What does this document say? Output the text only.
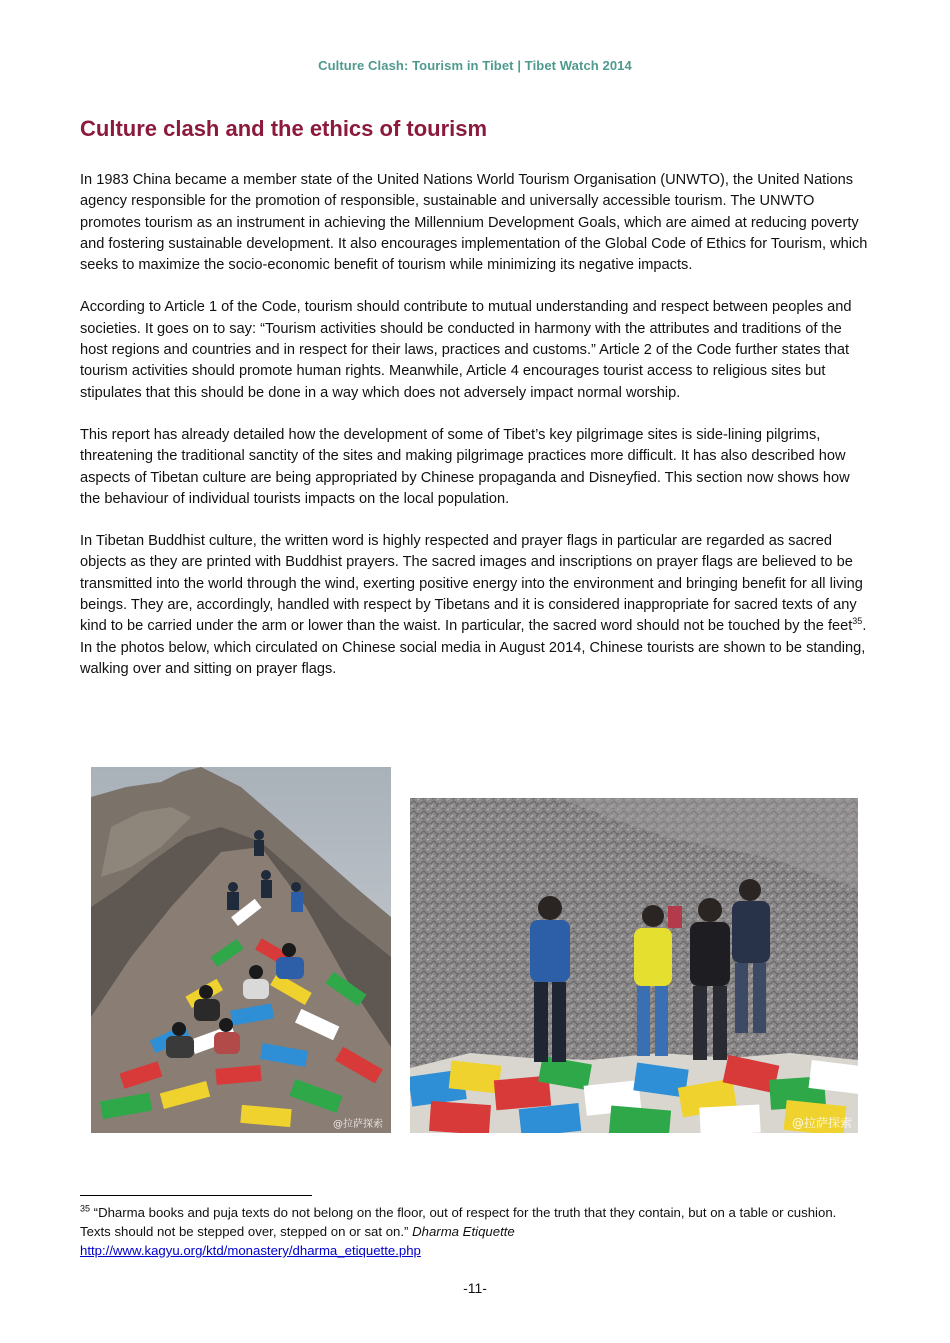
Culture Clash: Tourism in Tibet | Tibet Watch 2014
Culture clash and the ethics of tourism

In 1983 China became a member state of the United Nations World Tourism Organisation (UNWTO), the United Nations agency responsible for the promotion of responsible, sustainable and universally accessible tourism. The UNWTO promotes tourism as an instrument in achieving the Millennium Development Goals, which are aimed at reducing poverty and fostering sustainable development. It also encourages implementation of the Global Code of Ethics for Tourism, which seeks to maximize the socio-economic benefit of tourism while minimizing its negative impacts.

According to Article 1 of the Code, tourism should contribute to mutual understanding and respect between peoples and societies. It goes on to say: “Tourism activities should be conducted in harmony with the attributes and traditions of the host regions and countries and in respect for their laws, practices and customs.” Article 2 of the Code further states that tourism activities should promote human rights. Meanwhile, Article 4 encourages tourist access to religious sites but stipulates that this should be done in a way which does not adversely impact normal worship.

This report has already detailed how the development of some of Tibet’s key pilgrimage sites is side-lining pilgrims, threatening the traditional sanctity of the sites and making pilgrimage practices more difficult. It has also described how aspects of Tibetan culture are being appropriated by Chinese propaganda and Disneyfied. This section now shows how the behaviour of individual tourists impacts on the local population.

In Tibetan Buddhist culture, the written word is highly respected and prayer flags in particular are regarded as sacred objects as they are printed with Buddhist prayers. The sacred images and inscriptions on prayer flags are believed to be transmitted into the world through the wind, exerting positive energy into the environment and bringing benefit for all living beings. They are, accordingly, handled with respect by Tibetans and it is considered inappropriate for sacred texts of any kind to be carried under the arm or lower than the waist. In particular, the sacred word should not be touched by the feet$^{35}$. In the photos below, which circulated on Chinese social media in August 2014, Chinese tourists are shown to be standing, walking over and sitting on prayer flags.

@拉萨探索	@拉萨探索
$^{35}$ “Dharma books and puja texts do not belong on the floor, out of respect for the truth that they contain, but on a table or cushion. Texts should not be stepped over, stepped on or sat on.” Dharma Etiquette
http://www.kagyu.org/ktd/monastery/dharma_etiquette.php
-11-
